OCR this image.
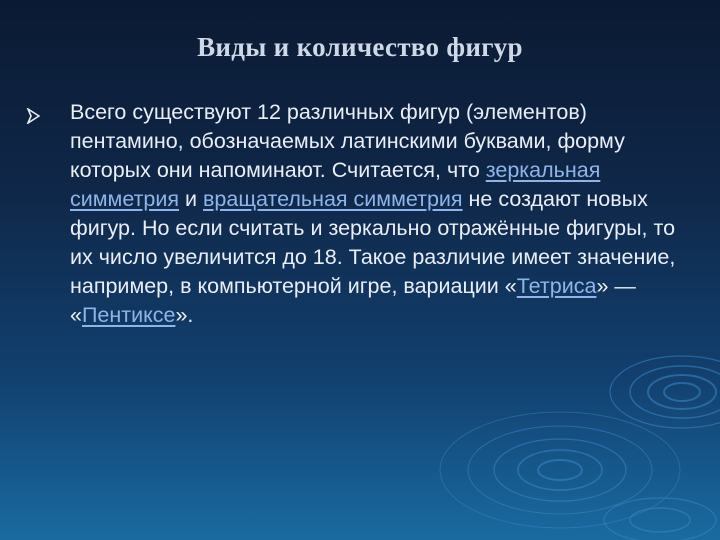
Виды и количество фигур
Всего существуют 12 различных фигур (элементов) пентамино, обозначаемых латинскими буквами, форму которых они напоминают. Считается, что зеркальная симметрия и вращательная симметрия не создают новых фигур. Но если считать и зеркально отражённые фигуры, то их число увеличится до 18. Такое различие имеет значение, например, в компьютерной игре, вариации «Тетриса» — «Пентиксе».
